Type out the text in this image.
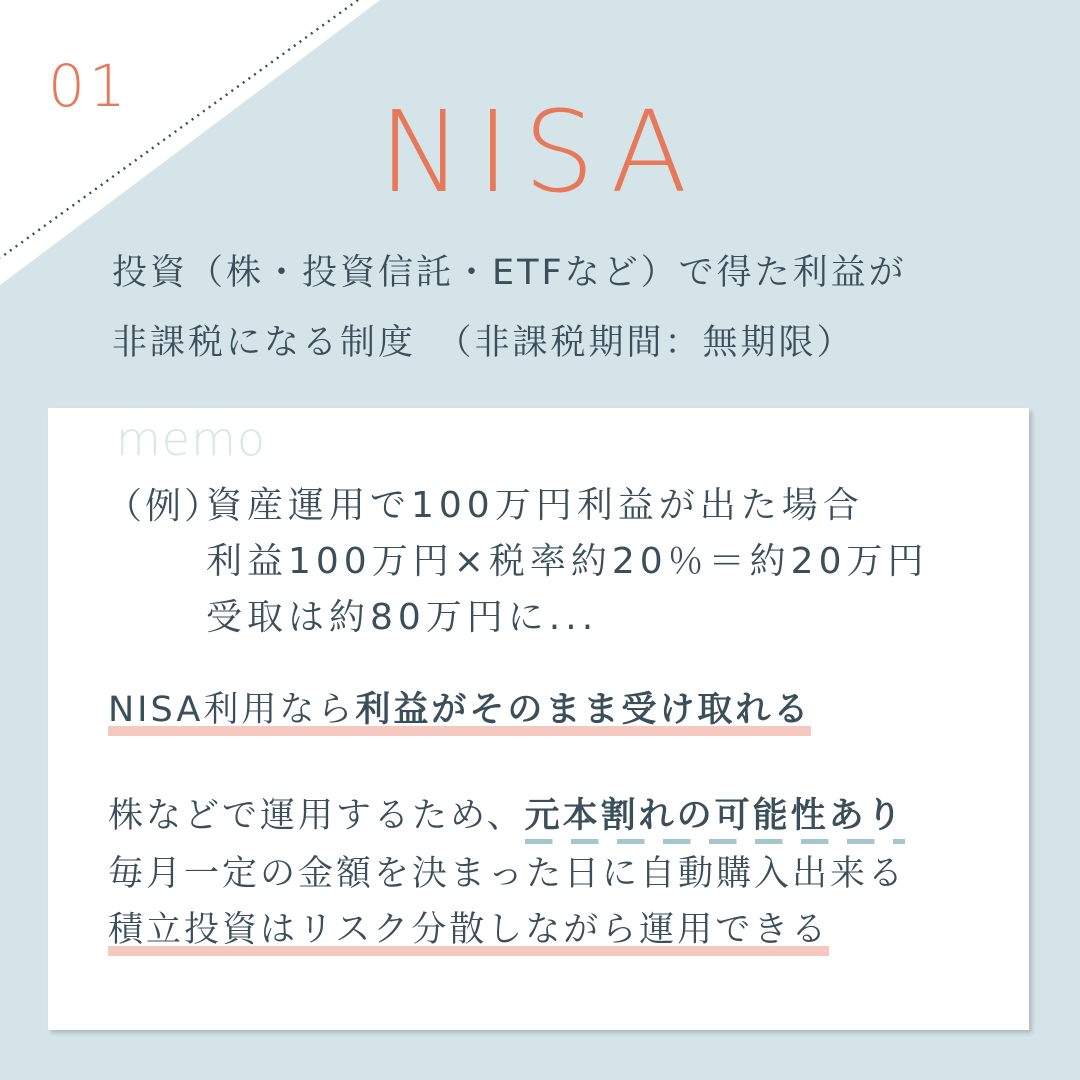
01

NISA
投資（株・投資信託・ETFなど）で得た利益が
非課税になる制度　（非課税期間：無期限）

memo

（例）
資産運用で100万円利益が出た場合
利益100万円×税率約20％＝約20万円
受取は約80万円に...
NISA利用なら利益がそのまま受け取れる
株などで運用するため、元本割れの可能性あり
毎月一定の金額を決まった日に自動購入出来る
積立投資はリスク分散しながら運用できる
